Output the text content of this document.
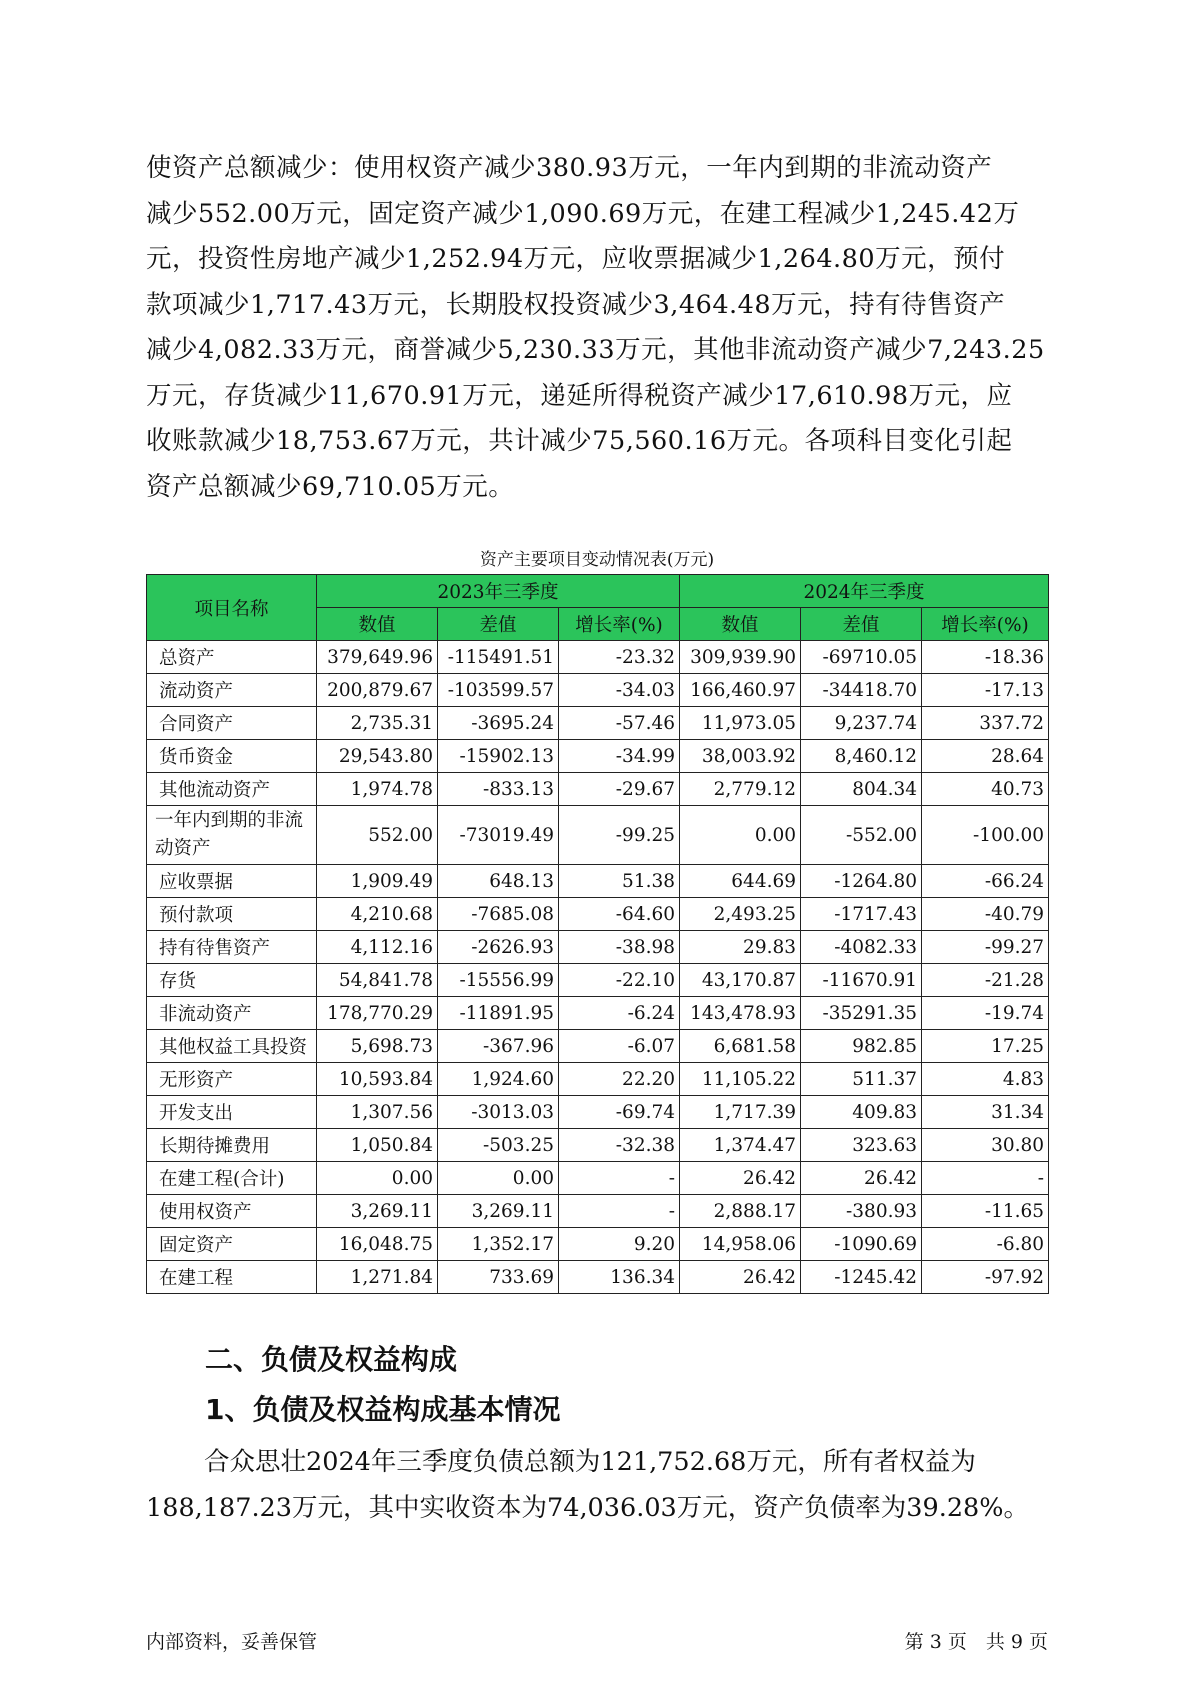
使资产总额减少：使用权资产减少380.93万元，一年内到期的非流动资产
减少552.00万元，固定资产减少1,090.69万元，在建工程减少1,245.42万
元，投资性房地产减少1,252.94万元，应收票据减少1,264.80万元，预付
款项减少1,717.43万元，长期股权投资减少3,464.48万元，持有待售资产
减少4,082.33万元，商誉减少5,230.33万元，其他非流动资产减少7,243.25
万元，存货减少11,670.91万元，递延所得税资产减少17,610.98万元，应
收账款减少18,753.67万元，共计减少75,560.16万元。各项科目变化引起
资产总额减少69,710.05万元。
资产主要项目变动情况表(万元)
项目名称	2023年三季度			2024年三季度		
	数值	差值	增长率(%)	数值	差值	增长率(%)
总资产	379,649.96	-115491.51	-23.32	309,939.90	-69710.05	-18.36
流动资产	200,879.67	-103599.57	-34.03	166,460.97	-34418.70	-17.13
合同资产	2,735.31	-3695.24	-57.46	11,973.05	9,237.74	337.72
货币资金	29,543.80	-15902.13	-34.99	38,003.92	8,460.12	28.64
其他流动资产	1,974.78	-833.13	-29.67	2,779.12	804.34	40.73
一年内到期的非流动资产	552.00	-73019.49	-99.25	0.00	-552.00	-100.00
应收票据	1,909.49	648.13	51.38	644.69	-1264.80	-66.24
预付款项	4,210.68	-7685.08	-64.60	2,493.25	-1717.43	-40.79
持有待售资产	4,112.16	-2626.93	-38.98	29.83	-4082.33	-99.27
存货	54,841.78	-15556.99	-22.10	43,170.87	-11670.91	-21.28
非流动资产	178,770.29	-11891.95	-6.24	143,478.93	-35291.35	-19.74
其他权益工具投资	5,698.73	-367.96	-6.07	6,681.58	982.85	17.25
无形资产	10,593.84	1,924.60	22.20	11,105.22	511.37	4.83
开发支出	1,307.56	-3013.03	-69.74	1,717.39	409.83	31.34
长期待摊费用	1,050.84	-503.25	-32.38	1,374.47	323.63	30.80
在建工程(合计)	0.00	0.00	-	26.42	26.42	-
使用权资产	3,269.11	3,269.11	-	2,888.17	-380.93	-11.65
固定资产	16,048.75	1,352.17	9.20	14,958.06	-1090.69	-6.80
在建工程	1,271.84	733.69	136.34	26.42	-1245.42	-97.92
二、负债及权益构成
1、负债及权益构成基本情况
合众思壮2024年三季度负债总额为121,752.68万元，所有者权益为
188,187.23万元，其中实收资本为74,036.03万元，资产负债率为39.28%。
内部资料，妥善保管	第 3 页　共 9 页
